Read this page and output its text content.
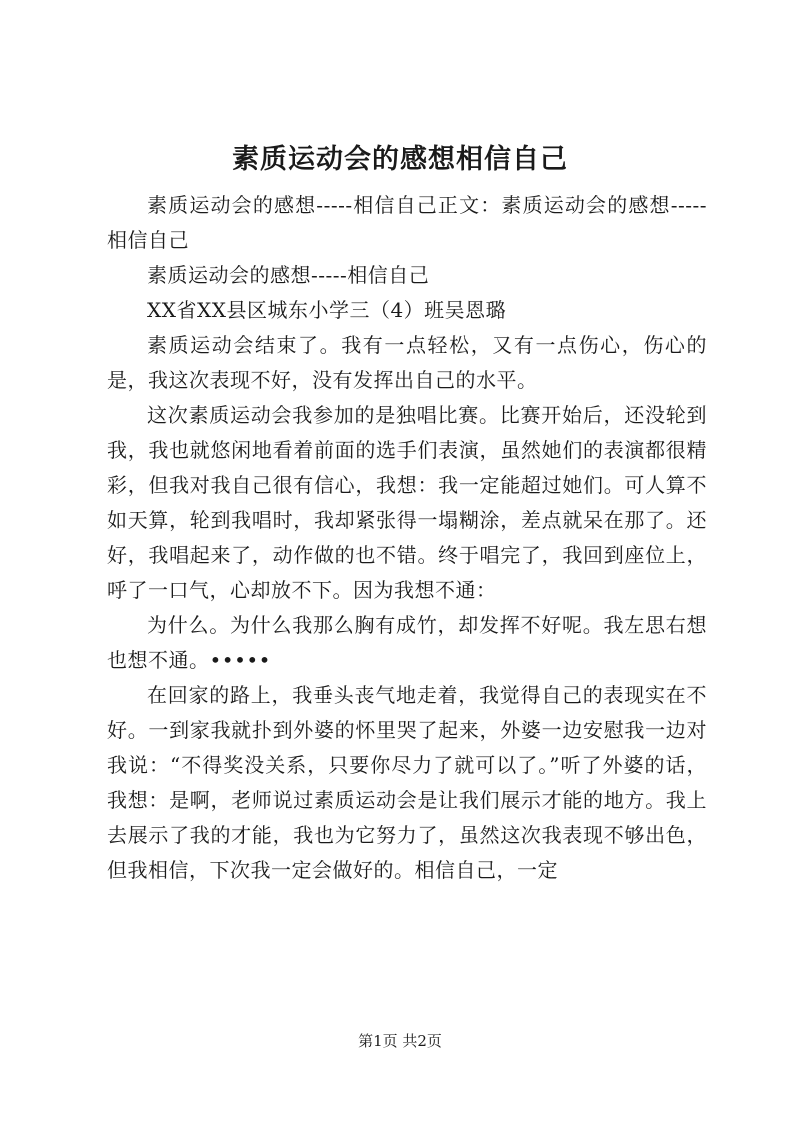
素质运动会的感想相信自己

素质运动会的感想-----相信自己正文：素质运动会的感想-----相信自己

素质运动会的感想-----相信自己

XX省XX县区城东小学三（4）班吴恩璐

素质运动会结束了。我有一点轻松，又有一点伤心，伤心的是，我这次表现不好，没有发挥出自己的水平。

这次素质运动会我参加的是独唱比赛。比赛开始后，还没轮到我，我也就悠闲地看着前面的选手们表演，虽然她们的表演都很精彩，但我对我自己很有信心，我想：我一定能超过她们。可人算不如天算，轮到我唱时，我却紧张得一塌糊涂，差点就呆在那了。还好，我唱起来了，动作做的也不错。终于唱完了，我回到座位上，呼了一口气，心却放不下。因为我想不通：

为什么。为什么我那么胸有成竹，却发挥不好呢。我左思右想也想不通。•••••

在回家的路上，我垂头丧气地走着，我觉得自己的表现实在不好。一到家我就扑到外婆的怀里哭了起来，外婆一边安慰我一边对我说：“不得奖没关系，只要你尽力了就可以了。”听了外婆的话，我想：是啊，老师说过素质运动会是让我们展示才能的地方。我上去展示了我的才能，我也为它努力了，虽然这次我表现不够出色，但我相信，下次我一定会做好的。相信自己，一定

第1页 共2页
